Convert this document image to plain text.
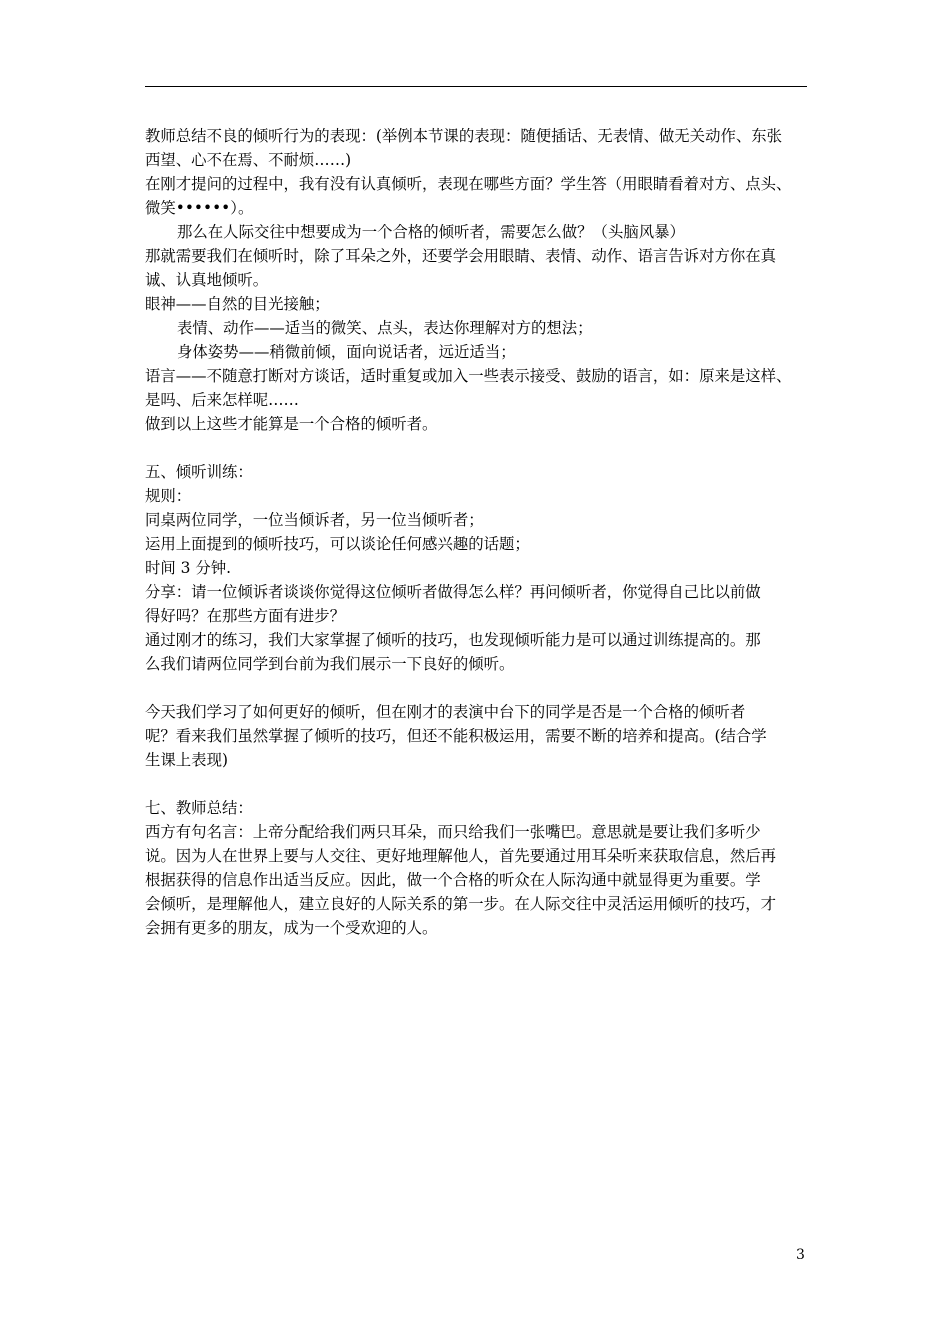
教师总结不良的倾听行为的表现：(举例本节课的表现：随便插话、无表情、做无关动作、东张
西望、心不在焉、不耐烦……)
在刚才提问的过程中，我有没有认真倾听，表现在哪些方面？学生答（用眼睛看着对方、点头、
微笑••••••）。
那么在人际交往中想要成为一个合格的倾听者，需要怎么做？（头脑风暴）
那就需要我们在倾听时，除了耳朵之外，还要学会用眼睛、表情、动作、语言告诉对方你在真
诚、认真地倾听。
眼神——自然的目光接触；
表情、动作——适当的微笑、点头，表达你理解对方的想法；
身体姿势——稍微前倾，面向说话者，远近适当；
语言——不随意打断对方谈话，适时重复或加入一些表示接受、鼓励的语言，如：原来是这样、
是吗、后来怎样呢……
做到以上这些才能算是一个合格的倾听者。
五、倾听训练：
规则：
同桌两位同学，一位当倾诉者，另一位当倾听者；
运用上面提到的倾听技巧，可以谈论任何感兴趣的话题；
时间 3 分钟.
分享：请一位倾诉者谈谈你觉得这位倾听者做得怎么样？再问倾听者，你觉得自己比以前做
得好吗？在那些方面有进步？
通过刚才的练习，我们大家掌握了倾听的技巧，也发现倾听能力是可以通过训练提高的。那
么我们请两位同学到台前为我们展示一下良好的倾听。
今天我们学习了如何更好的倾听，但在刚才的表演中台下的同学是否是一个合格的倾听者
呢？看来我们虽然掌握了倾听的技巧，但还不能积极运用，需要不断的培养和提高。(结合学
生课上表现)
七、教师总结：
西方有句名言：上帝分配给我们两只耳朵，而只给我们一张嘴巴。意思就是要让我们多听少
说。因为人在世界上要与人交往、更好地理解他人，首先要通过用耳朵听来获取信息，然后再
根据获得的信息作出适当反应。因此，做一个合格的听众在人际沟通中就显得更为重要。学
会倾听，是理解他人，建立良好的人际关系的第一步。在人际交往中灵活运用倾听的技巧，才
会拥有更多的朋友，成为一个受欢迎的人。
3
